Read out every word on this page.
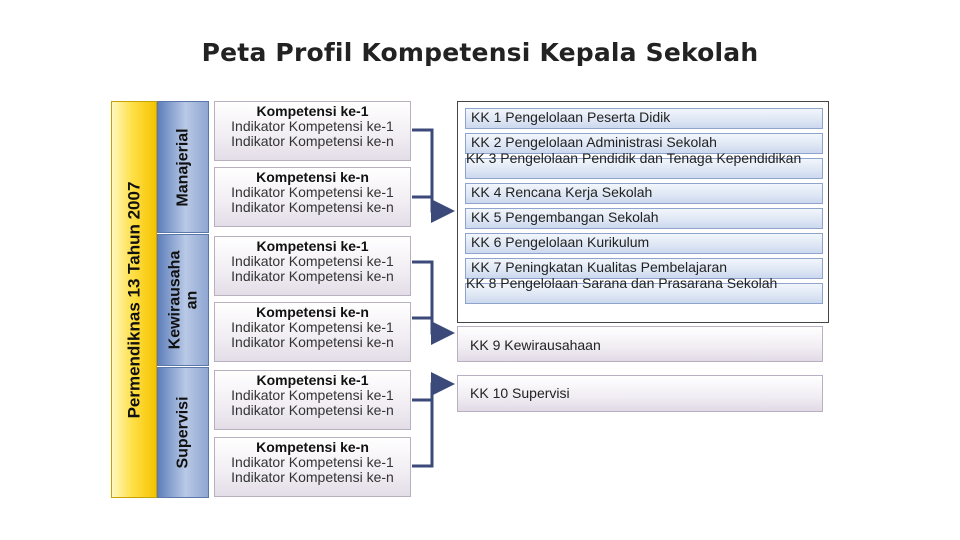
Peta Profil Kompetensi Kepala Sekolah
Permendiknas 13 Tahun 2007
Manajerial
Kewirausaha an
Supervisi
Kompetensi ke-1
Indikator Kompetensi ke-1
Indikator Kompetensi ke-n
Kompetensi ke-n
Indikator Kompetensi ke-1
Indikator Kompetensi ke-n
Kompetensi ke-1
Indikator Kompetensi ke-1
Indikator Kompetensi ke-n
Kompetensi ke-n
Indikator Kompetensi ke-1
Indikator Kompetensi ke-n
Kompetensi ke-1
Indikator Kompetensi ke-1
Indikator Kompetensi ke-n
Kompetensi ke-n
Indikator Kompetensi ke-1
Indikator Kompetensi ke-n
KK 1 Pengelolaan Peserta Didik
KK 2 Pengelolaan Administrasi Sekolah
KK 3 Pengelolaan Pendidik dan Tenaga Kependidikan
KK 4 Rencana Kerja Sekolah
KK 5 Pengembangan Sekolah
KK 6 Pengelolaan Kurikulum
KK 7 Peningkatan Kualitas Pembelajaran
KK 8 Pengelolaan Sarana dan Prasarana Sekolah
KK 9 Kewirausahaan
KK 10 Supervisi
